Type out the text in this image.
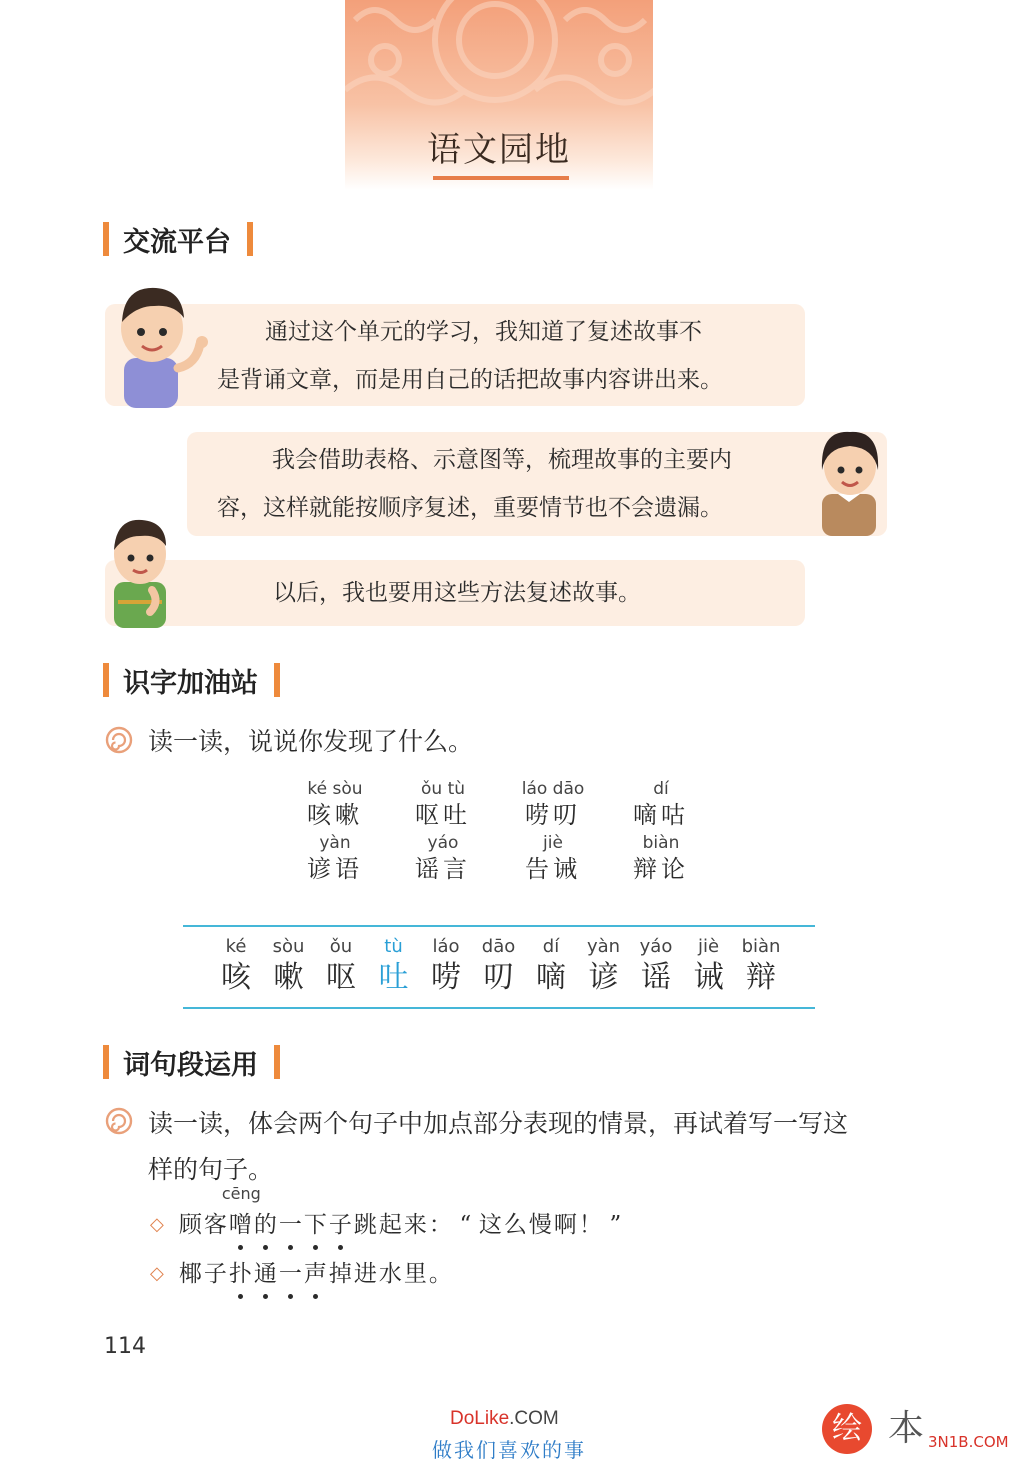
语文园地
交流平台

通过这个单元的学习，我知道了复述故事不

是背诵文章，而是用自己的话把故事内容讲出来。

我会借助表格、示意图等，梳理故事的主要内

容，这样就能按顺序复述，重要情节也不会遗漏。

以后，我也要用这些方法复述故事。

识字加油站
读一读，说说你发现了什么。
ké sòu
咳嗽
ǒu tù
呕吐
láo dāo
唠叨
dí
嘀咕
yàn
谚语
yáo
谣言
jiè
告诫
biàn
辩论
ké
咳
sòu
嗽
ǒu
呕
tù
吐
láo
唠
dāo
叨
dí
嘀
yàn
谚
yáo
谣
jiè
诫
biàn
辩
词句段运用
读一读，体会两个句子中加点部分表现的情景，再试着写一写这
样的句子。
◇ 顾客 噌
cēng
的一下子 跳起来： “ 这么慢啊！ ”
◇ 椰子 扑通一声 掉进水里。
114
DoLike.COM
做我们喜欢的事
绘 本 3N1B.COM
